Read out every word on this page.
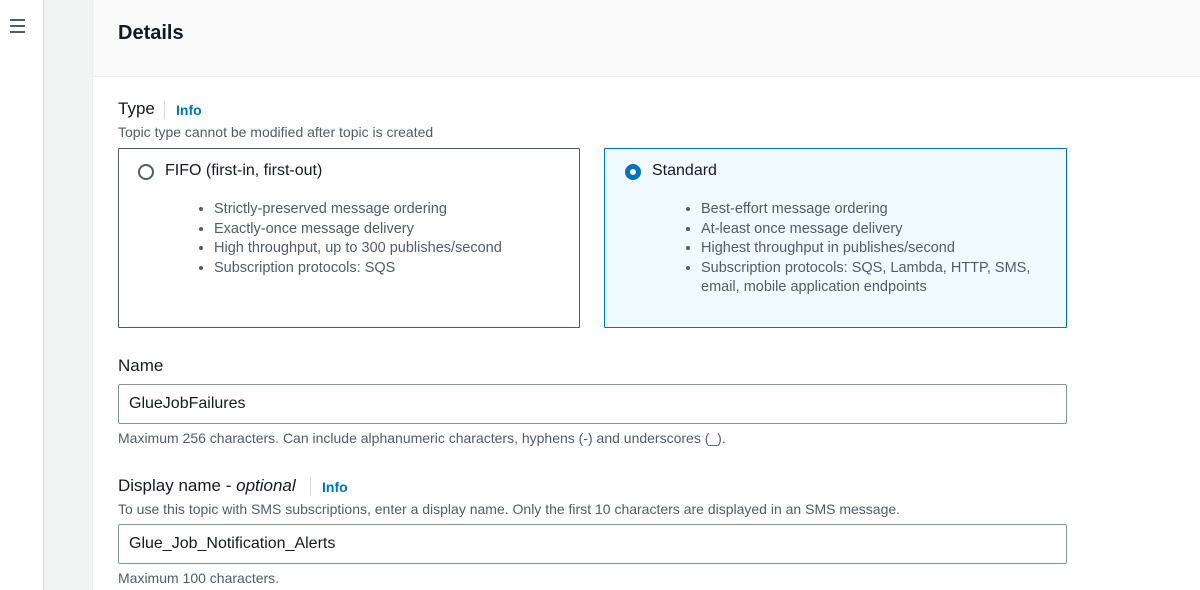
Details
Type	Info
Topic type cannot be modified after topic is created
FIFO (first-in, first-out)
• Strictly-preserved message ordering
• Exactly-once message delivery
• High throughput, up to 300 publishes/second
• Subscription protocols: SQS
Standard
• Best-effort message ordering
• At-least once message delivery
• Highest throughput in publishes/second
• Subscription protocols: SQS, Lambda, HTTP, SMS, email, mobile application endpoints
Name
GlueJobFailures
Maximum 256 characters. Can include alphanumeric characters, hyphens (-) and underscores (_).
Display name - optional	Info
To use this topic with SMS subscriptions, enter a display name. Only the first 10 characters are displayed in an SMS message.
Glue_Job_Notification_Alerts
Maximum 100 characters.
